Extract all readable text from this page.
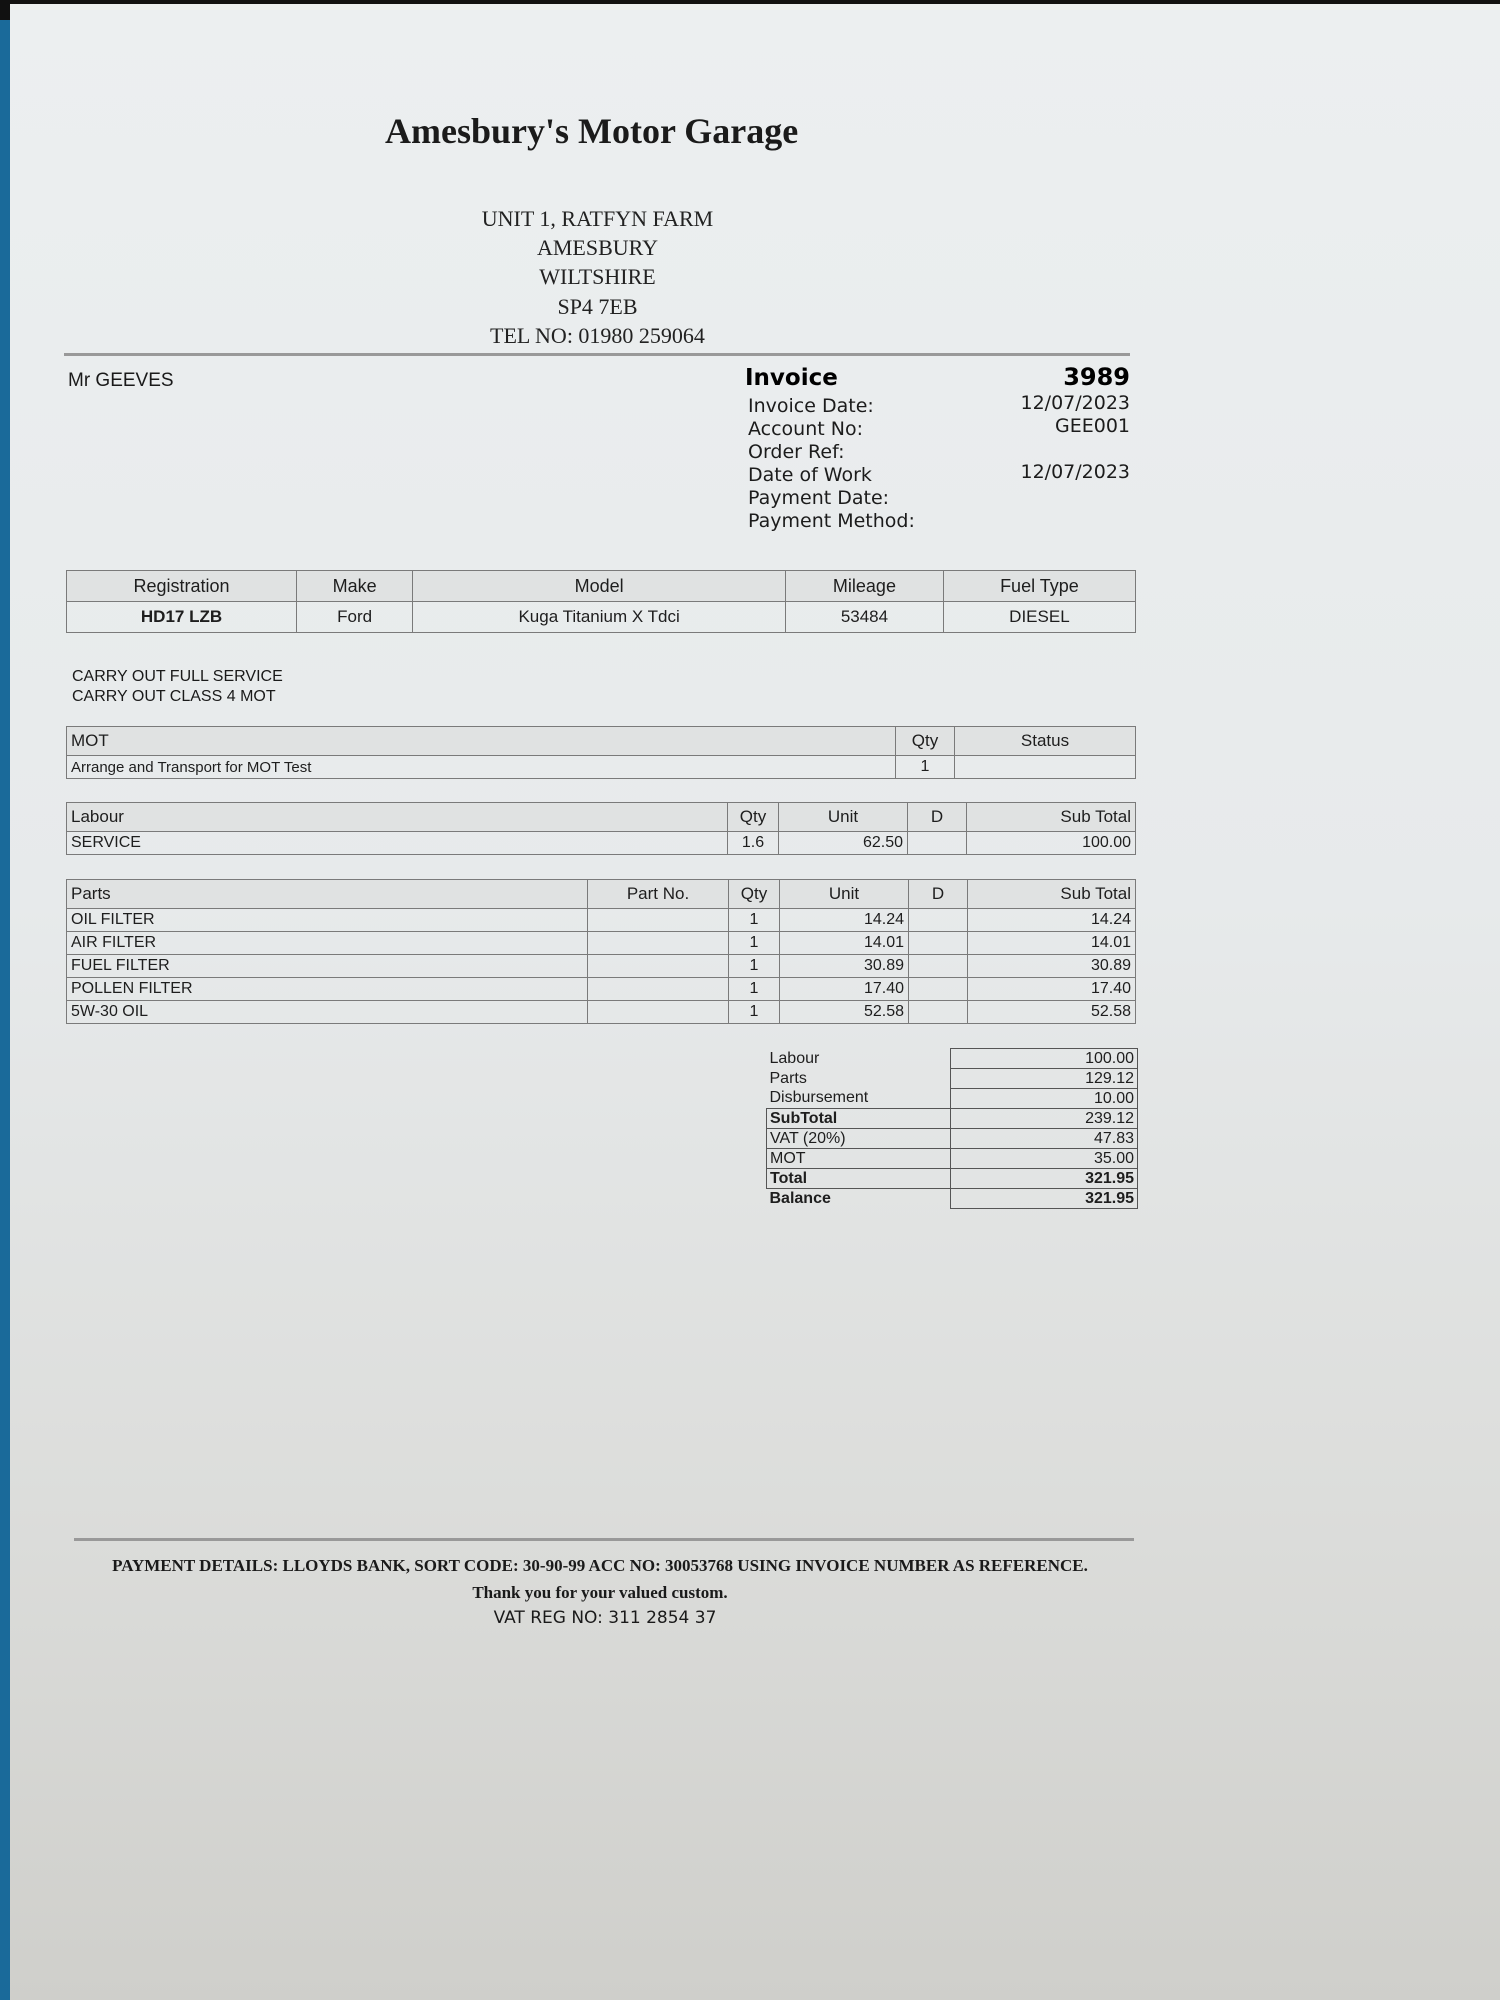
Amesbury's Motor Garage
UNIT 1, RATFYN FARM
AMESBURY
WILTSHIRE
SP4 7EB
TEL NO: 01980 259064
Mr GEEVES	Invoice	3989
Invoice Date:	12/07/2023
Account No:	GEE001
Order Ref:
Date of Work	12/07/2023
Payment Date:
Payment Method:
Registration	Make	Model	Mileage	Fuel Type
HD17 LZB	Ford	Kuga Titanium X Tdci	53484	DIESEL
CARRY OUT FULL SERVICE
CARRY OUT CLASS 4 MOT
MOT	Qty	Status
Arrange and Transport for MOT Test	1	
Labour	Qty	Unit	D	Sub Total
SERVICE	1.6	62.50		100.00
Parts	Part No.	Qty	Unit	D	Sub Total
OIL FILTER		1	14.24		14.24
AIR FILTER		1	14.01		14.01
FUEL FILTER		1	30.89		30.89
POLLEN FILTER		1	17.40		17.40
5W-30 OIL		1	52.58		52.58
Labour	100.00
Parts	129.12
Disbursement	10.00
SubTotal	239.12
VAT (20%)	47.83
MOT	35.00
Total	321.95
Balance	321.95
PAYMENT DETAILS: LLOYDS BANK, SORT CODE: 30-90-99 ACC NO: 30053768 USING INVOICE NUMBER AS REFERENCE.
Thank you for your valued custom.
VAT REG NO: 311 2854 37
